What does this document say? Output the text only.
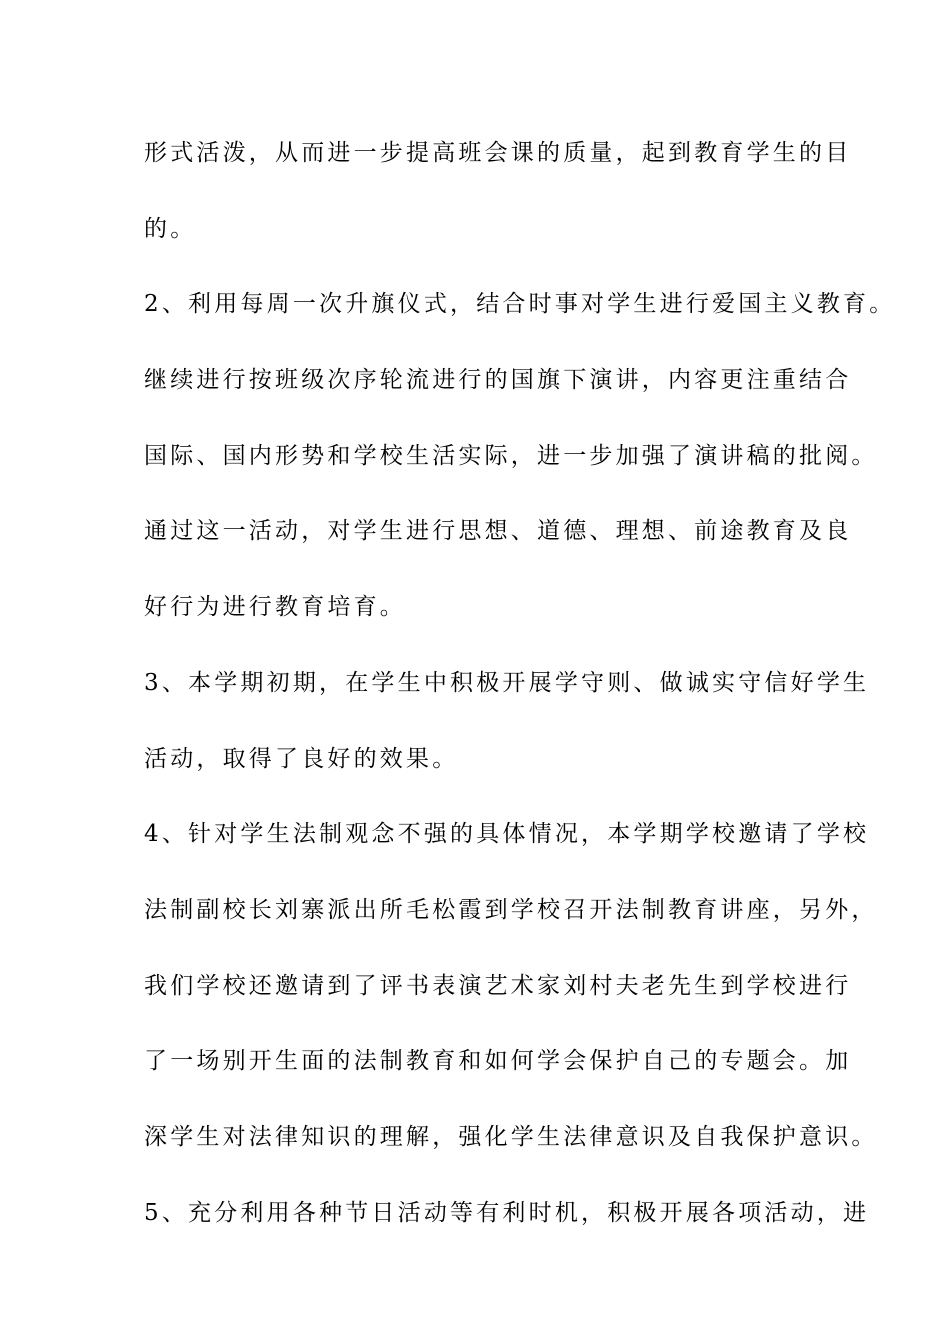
形式活泼，从而进一步提高班会课的质量，起到教育学生的目
的。
2、利用每周一次升旗仪式，结合时事对学生进行爱国主义教育。
继续进行按班级次序轮流进行的国旗下演讲，内容更注重结合
国际、国内形势和学校生活实际，进一步加强了演讲稿的批阅。
通过这一活动，对学生进行思想、道德、理想、前途教育及良
好行为进行教育培育。
3、本学期初期，在学生中积极开展学守则、做诚实守信好学生
活动，取得了良好的效果。
4、针对学生法制观念不强的具体情况，本学期学校邀请了学校
法制副校长刘寨派出所毛松霞到学校召开法制教育讲座，另外，
我们学校还邀请到了评书表演艺术家刘村夫老先生到学校进行
了一场别开生面的法制教育和如何学会保护自己的专题会。加
深学生对法律知识的理解，强化学生法律意识及自我保护意识。
5、充分利用各种节日活动等有利时机，积极开展各项活动，进
